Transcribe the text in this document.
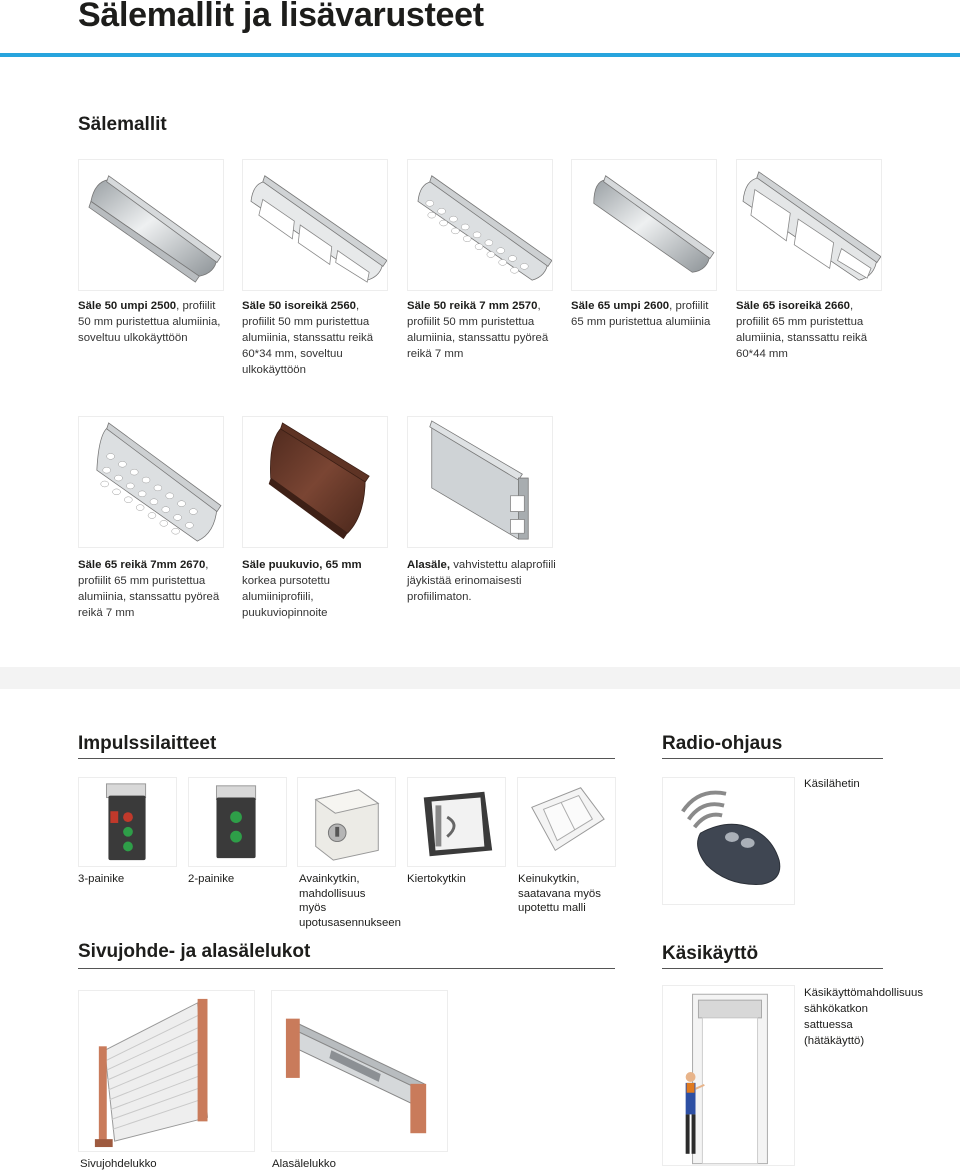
Sälemallit ja lisävarusteet
Sälemallit
Säle 50 umpi 2500, profiilit 50 mm puristettua alumiinia, soveltuu ulkokäyttöön
Säle 50 isoreikä 2560, profiilit 50 mm puristettua alumiinia, stanssattu reikä 60*34 mm, soveltuu ulkokäyttöön
Säle 50 reikä 7 mm 2570, profiilit 50 mm puristettua alumiinia, stanssattu pyöreä reikä 7 mm
Säle 65 umpi 2600, profiilit 65 mm puristettua alumiinia
Säle 65 isoreikä 2660, profiilit 65 mm puristettua alumiinia, stanssattu reikä 60*44 mm
Säle 65 reikä 7mm 2670, profiilit 65 mm puristettua alumiinia, stanssattu pyöreä reikä 7 mm
Säle puukuvio, 65 mm korkea pursotettu alumiiniprofiili, puukuviopinnoite
Alasäle, vahvistettu alaprofiili jäykistää erinomaisesti profiilimaton.
Impulssilaitteet
3-painike	2-painike	Avainkytkin, mahdollisuus myös upotusasennukseen
Kiertokytkin	Keinukytkin, saatavana myös upotettu malli
Radio-ohjaus
Käsilähetin
Sivujohde- ja alasälelukot
Sivujohdelukko	Alasälelukko
Käsikäyttö
Käsikäyttömahdollisuus sähkökatkon sattuessa (hätäkäyttö)
